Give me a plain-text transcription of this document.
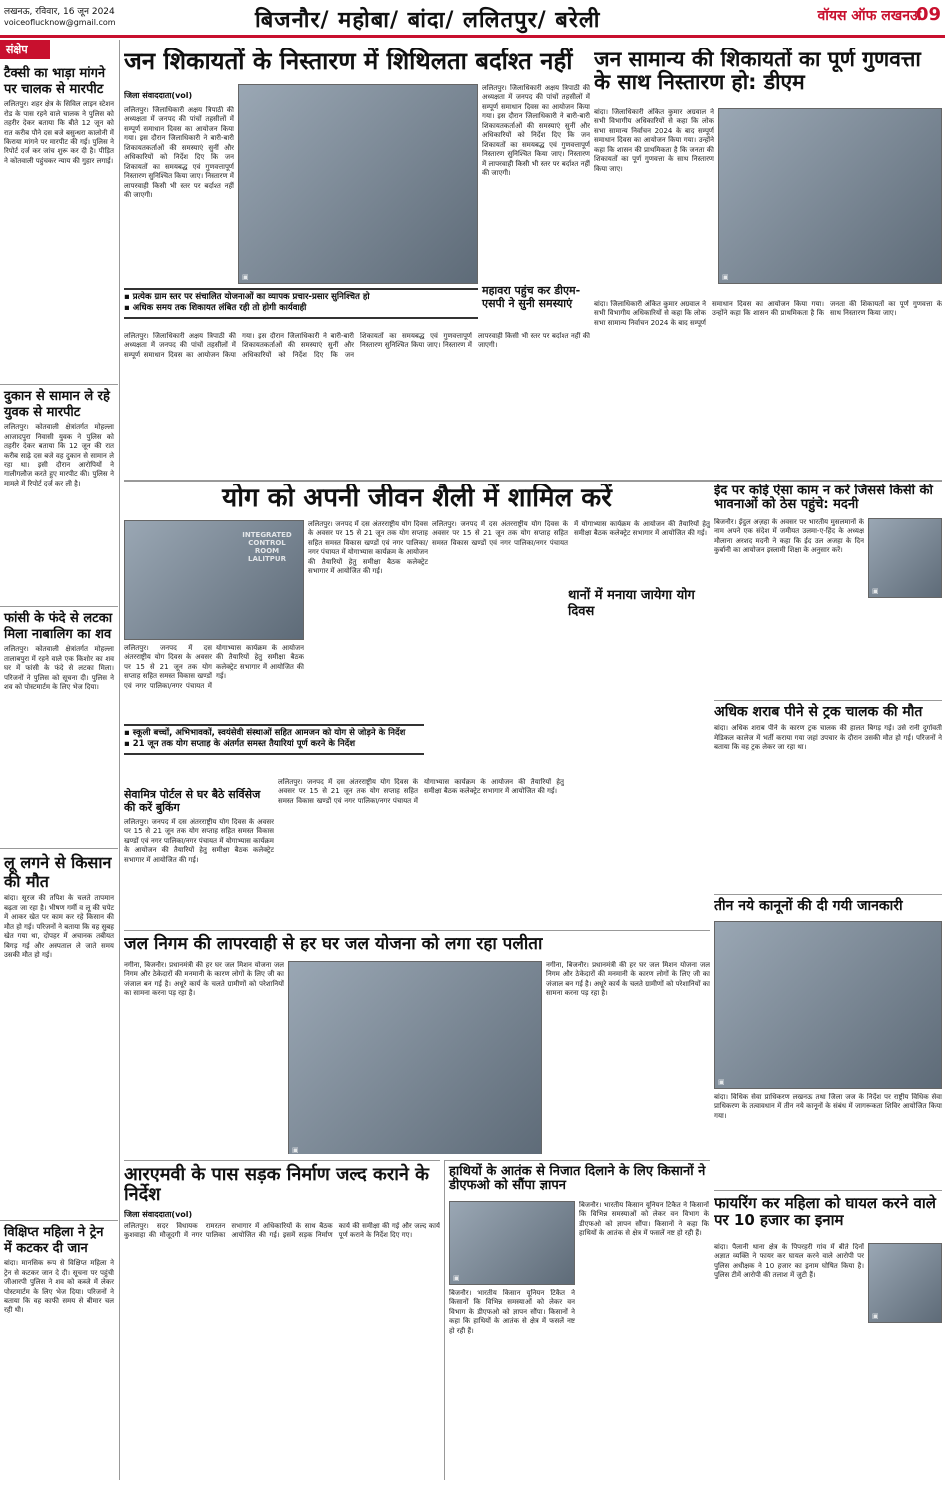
लखनऊ, रविवार, 16 जून 2024
voiceoflucknow@gmail.com	बिजनौर/ महोबा/ बांदा/ ललितपुर/ बरेली	वॉयस ऑफ लखनऊ
09
संक्षेप
टैक्सी का भाड़ा मांगने पर चालक से मारपीट
ललितपुर। शहर क्षेत्र के सिविल लाइन स्टेशन रोड के पास रहने वाले चालक ने पुलिस को तहरीर देकर बताया कि बीते 12 जून को रात करीब पौने दस बजे बसुन्धरा कालोनी में किराया मांगने पर मारपीट की गई। पुलिस ने रिपोर्ट दर्ज कर जांच शुरू कर दी है। पीड़ित ने कोतवाली पहुंचकर न्याय की गुहार लगाई।
दुकान से सामान ले रहे युवक से मारपीट
ललितपुर। कोतवाली क्षेत्रांतर्गत मोहल्ला आजादपुरा निवासी युवक ने पुलिस को तहरीर देकर बताया कि 12 जून की रात करीब साढ़े दस बजे वह दुकान से सामान ले रहा था। इसी दौरान आरोपियों ने गालीगलौज करते हुए मारपीट की। पुलिस ने मामले में रिपोर्ट दर्ज कर ली है।
फांसी के फंदे से लटका मिला नाबालिग का शव
ललितपुर। कोतवाली क्षेत्रांतर्गत मोहल्ला तालाबपुरा में रहने वाले एक किशोर का शव घर में फांसी के फंदे से लटका मिला। परिजनों ने पुलिस को सूचना दी। पुलिस ने शव को पोस्टमार्टम के लिए भेज दिया।
लू लगने से किसान की मौत
बांदा। सूरज की तपिश के चलते तापमान बढ़ता जा रहा है। भीषण गर्मी व लू की चपेट में आकर खेत पर काम कर रहे किसान की मौत हो गई। परिजनों ने बताया कि वह सुबह खेत गया था, दोपहर में अचानक तबीयत बिगड़ गई और अस्पताल ले जाते समय उसकी मौत हो गई।
विक्षिप्त महिला ने ट्रेन में कटकर दी जान
बांदा। मानसिक रूप से विक्षिप्त महिला ने ट्रेन से कटकर जान दे दी। सूचना पर पहुंची जीआरपी पुलिस ने शव को कब्जे में लेकर पोस्टमार्टम के लिए भेज दिया। परिजनों ने बताया कि वह काफी समय से बीमार चल रही थी।
जन शिकायतों के निस्तारण में शिथिलता बर्दाश्त नहीं
जिला संवाददाता(vol)
ललितपुर। जिलाधिकारी अक्षय त्रिपाठी की अध्यक्षता में जनपद की पांचों तहसीलों में सम्पूर्ण समाधान दिवस का आयोजन किया गया। इस दौरान जिलाधिकारी ने बारी-बारी शिकायतकर्ताओं की समस्याएं सुनीं और अधिकारियों को निर्देश दिए कि जन शिकायतों का समयबद्ध एवं गुणवत्तापूर्ण निस्तारण सुनिश्चित किया जाए। निस्तारण में लापरवाही किसी भी स्तर पर बर्दाश्त नहीं की जाएगी।
▣
ललितपुर। जिलाधिकारी अक्षय त्रिपाठी की अध्यक्षता में जनपद की पांचों तहसीलों में सम्पूर्ण समाधान दिवस का आयोजन किया गया। इस दौरान जिलाधिकारी ने बारी-बारी शिकायतकर्ताओं की समस्याएं सुनीं और अधिकारियों को निर्देश दिए कि जन शिकायतों का समयबद्ध एवं गुणवत्तापूर्ण निस्तारण सुनिश्चित किया जाए। निस्तारण में लापरवाही किसी भी स्तर पर बर्दाश्त नहीं की जाएगी।
महावरा पहुंच कर डीएम-एसपी ने सुनी समस्याएं
▪ प्रत्येक ग्राम स्तर पर संचालित योजनाओं का व्यापक प्रचार-प्रसार सुनिश्चित हो
▪ अधिक समय तक शिकायत लंबित रही तो होगी कार्यवाही
ललितपुर। जिलाधिकारी अक्षय त्रिपाठी की अध्यक्षता में जनपद की पांचों तहसीलों में सम्पूर्ण समाधान दिवस का आयोजन किया गया। इस दौरान जिलाधिकारी ने बारी-बारी शिकायतकर्ताओं की समस्याएं सुनीं और अधिकारियों को निर्देश दिए कि जन शिकायतों का समयबद्ध एवं गुणवत्तापूर्ण निस्तारण सुनिश्चित किया जाए। निस्तारण में लापरवाही किसी भी स्तर पर बर्दाश्त नहीं की जाएगी।
जन सामान्य की शिकायतों का पूर्ण गुणवत्ता के साथ निस्तारण हो: डीएम
बांदा। जिलाधिकारी अंकित कुमार अग्रवाल ने सभी विभागीय अधिकारियों से कहा कि लोक सभा सामान्य निर्वाचन 2024 के बाद सम्पूर्ण समाधान दिवस का आयोजन किया गया। उन्होंने कहा कि शासन की प्राथमिकता है कि जनता की शिकायतों का पूर्ण गुणवत्ता के साथ निस्तारण किया जाए।
▣
बांदा। जिलाधिकारी अंकित कुमार अग्रवाल ने सभी विभागीय अधिकारियों से कहा कि लोक सभा सामान्य निर्वाचन 2024 के बाद सम्पूर्ण समाधान दिवस का आयोजन किया गया। उन्होंने कहा कि शासन की प्राथमिकता है कि जनता की शिकायतों का पूर्ण गुणवत्ता के साथ निस्तारण किया जाए।
योग को अपनी जीवन शैली में शामिल करें
INTEGRATED CONTROL ROOM LALITPUR
ललितपुर। जनपद में दस अंतरराष्ट्रीय योग दिवस के अवसर पर 15 से 21 जून तक योग सप्ताह सहित समस्त विकास खण्डों एवं नगर पालिका/नगर पंचायत में योगाभ्यास कार्यक्रम के आयोजन की तैयारियों हेतु समीक्षा बैठक कलेक्ट्रेट सभागार में आयोजित की गई।
ललितपुर। जनपद में दस अंतरराष्ट्रीय योग दिवस के अवसर पर 15 से 21 जून तक योग सप्ताह सहित समस्त विकास खण्डों एवं नगर पालिका/नगर पंचायत में योगाभ्यास कार्यक्रम के आयोजन की तैयारियों हेतु समीक्षा बैठक कलेक्ट्रेट सभागार में आयोजित की गई।
ललितपुर। जनपद में दस अंतरराष्ट्रीय योग दिवस के अवसर पर 15 से 21 जून तक योग सप्ताह सहित समस्त विकास खण्डों एवं नगर पालिका/नगर पंचायत में योगाभ्यास कार्यक्रम के आयोजन की तैयारियों हेतु समीक्षा बैठक कलेक्ट्रेट सभागार में आयोजित की गई।
▪ स्कूली बच्चों, अभिभावकों, स्वयंसेवी संस्थाओं सहित आमजन को योग से जोड़ने के निर्देश
▪ 21 जून तक योग सप्ताह के अंतर्गत समस्त तैयारियां पूर्ण करने के निर्देश
सेवामित्र पोर्टल से घर बैठे सर्विसेज की करें बुकिंग
ललितपुर। जनपद में दस अंतरराष्ट्रीय योग दिवस के अवसर पर 15 से 21 जून तक योग सप्ताह सहित समस्त विकास खण्डों एवं नगर पालिका/नगर पंचायत में योगाभ्यास कार्यक्रम के आयोजन की तैयारियों हेतु समीक्षा बैठक कलेक्ट्रेट सभागार में आयोजित की गई।
ललितपुर। जनपद में दस अंतरराष्ट्रीय योग दिवस के अवसर पर 15 से 21 जून तक योग सप्ताह सहित समस्त विकास खण्डों एवं नगर पालिका/नगर पंचायत में योगाभ्यास कार्यक्रम के आयोजन की तैयारियों हेतु समीक्षा बैठक कलेक्ट्रेट सभागार में आयोजित की गई।
थानों में मनाया जायेगा योग दिवस
ईद पर कोई ऐसा काम न करें जिससे किसी की भावनाओं को ठेस पहुंचे: मदनी
बिजनौर। ईदुल अज़हा के अवसर पर भारतीय मुसलमानों के नाम अपने एक संदेश में जमीयत उलमा-ए-हिंद के अध्यक्ष मौलाना अरशद मदनी ने कहा कि ईद उल अजहा के दिन कुर्बानी का आयोजन इस्लामी शिक्षा के अनुसार करें।
▣
अधिक शराब पीने से ट्रक चालक की मौत
बांदा। अधिक शराब पीने के कारण ट्रक चालक की हालत बिगड़ गई। उसे रानी दुर्गावती मेडिकल कालेज में भर्ती कराया गया जहां उपचार के दौरान उसकी मौत हो गई। परिजनों ने बताया कि वह ट्रक लेकर जा रहा था।
तीन नये कानूनों की दी गयी जानकारी
▣
बांदा। विधिक सेवा प्राधिकरण लखनऊ तथा जिला जज के निर्देश पर राष्ट्रीय विधिक सेवा प्राधिकरण के तत्वावधान में तीन नये कानूनों के संबंध में जागरूकता शिविर आयोजित किया गया।
जल निगम की लापरवाही से हर घर जल योजना को लगा रहा पलीता
नगीना, बिजनौर। प्रधानमंत्री की हर घर जल मिशन योजना जल निगम और ठेकेदारों की मनमानी के कारण लोगों के लिए जी का जंजाल बन गई है। अधूरे कार्य के चलते ग्रामीणों को परेशानियों का सामना करना पड़ रहा है।
▣
नगीना, बिजनौर। प्रधानमंत्री की हर घर जल मिशन योजना जल निगम और ठेकेदारों की मनमानी के कारण लोगों के लिए जी का जंजाल बन गई है। अधूरे कार्य के चलते ग्रामीणों को परेशानियों का सामना करना पड़ रहा है।
आरएमवी के पास सड़क निर्माण जल्द कराने के निर्देश
जिला संवाददाता(vol)
ललितपुर। सदर विधायक रामरतन कुशवाहा की मौजूदगी में नगर पालिका सभागार में अधिकारियों के साथ बैठक आयोजित की गई। इसमें सड़क निर्माण कार्य की समीक्षा की गई और जल्द कार्य पूर्ण कराने के निर्देश दिए गए।
हाथियों के आतंक से निजात दिलाने के लिए किसानों ने डीएफओ को सौंपा ज्ञापन
▣
बिजनौर। भारतीय किसान यूनियन टिकैत ने किसानों कि विभिन्न समस्याओं को लेकर वन विभाग के डीएफओ को ज्ञापन सौंपा। किसानों ने कहा कि हाथियों के आतंक से क्षेत्र में फसलें नष्ट हो रही हैं।
बिजनौर। भारतीय किसान यूनियन टिकैत ने किसानों कि विभिन्न समस्याओं को लेकर वन विभाग के डीएफओ को ज्ञापन सौंपा। किसानों ने कहा कि हाथियों के आतंक से क्षेत्र में फसलें नष्ट हो रही हैं।
फायरिंग कर महिला को घायल करने वाले पर 10 हजार का इनाम
बांदा। पैलानी थाना क्षेत्र के पिपरहरी गांव में बीते दिनों अज्ञात व्यक्ति ने फायर कर घायल करने वाले आरोपी पर पुलिस अधीक्षक ने 10 हजार का इनाम घोषित किया है। पुलिस टीमें आरोपी की तलाश में जुटी हैं।
▣
